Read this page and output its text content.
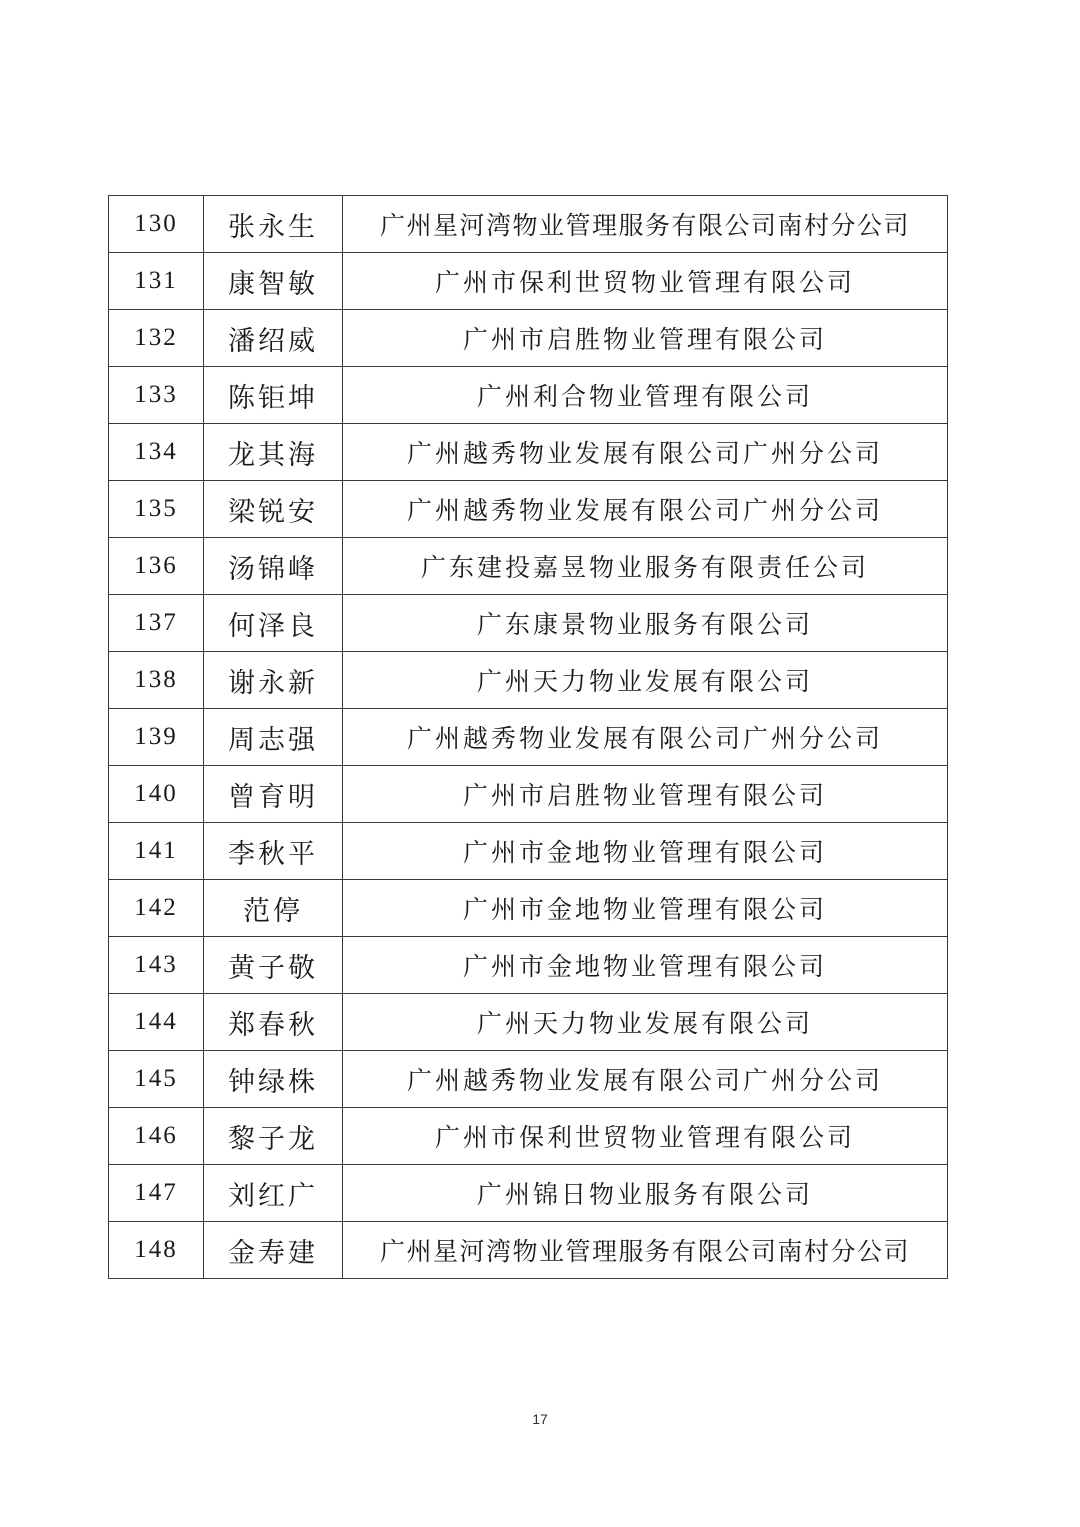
130	张永生	广州星河湾物业管理服务有限公司南村分公司
131	康智敏	广州市保利世贸物业管理有限公司
132	潘绍威	广州市启胜物业管理有限公司
133	陈钜坤	广州利合物业管理有限公司
134	龙其海	广州越秀物业发展有限公司广州分公司
135	梁锐安	广州越秀物业发展有限公司广州分公司
136	汤锦峰	广东建投嘉昱物业服务有限责任公司
137	何泽良	广东康景物业服务有限公司
138	谢永新	广州天力物业发展有限公司
139	周志强	广州越秀物业发展有限公司广州分公司
140	曾育明	广州市启胜物业管理有限公司
141	李秋平	广州市金地物业管理有限公司
142	范停	广州市金地物业管理有限公司
143	黄子敬	广州市金地物业管理有限公司
144	郑春秋	广州天力物业发展有限公司
145	钟绿株	广州越秀物业发展有限公司广州分公司
146	黎子龙	广州市保利世贸物业管理有限公司
147	刘红广	广州锦日物业服务有限公司
148	金寿建	广州星河湾物业管理服务有限公司南村分公司
17
